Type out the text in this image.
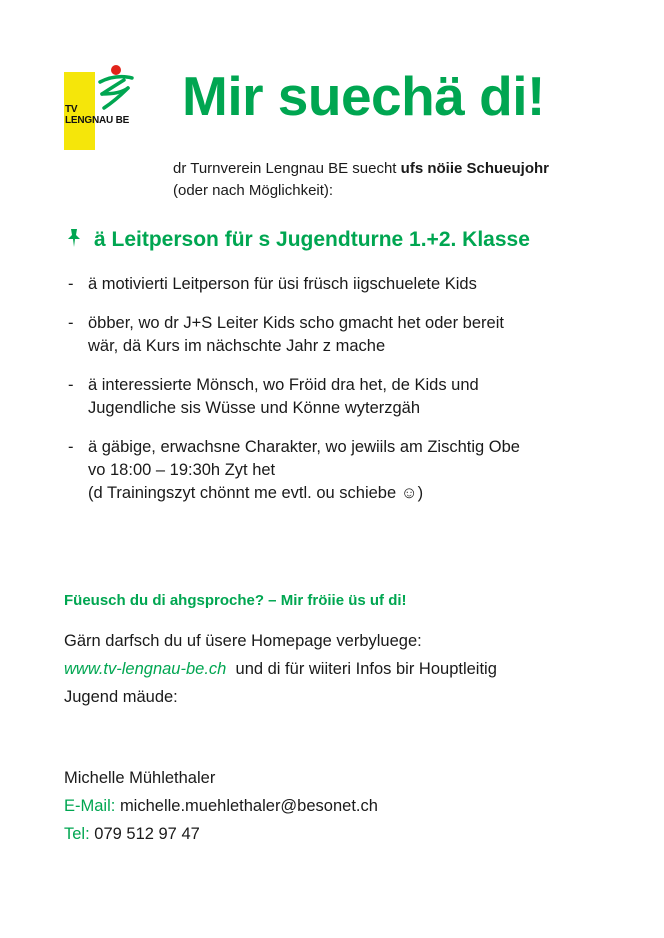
TV
LENGNAU BE Mir suechä di!
dr Turnverein Lengnau BE suecht ufs nöiie Schueujohr
(oder nach Möglichkeit):
ä Leitperson für s Jugendturne 1.+2. Klasse
- ä motivierti Leitperson für üsi früsch iigschuelete Kids
- öbber, wo dr J+S Leiter Kids scho gmacht het oder bereit
wär, dä Kurs im nächschte Jahr z mache
- ä interessierte Mönsch, wo Fröid dra het, de Kids und
Jugendliche sis Wüsse und Könne wyterzgäh
- ä gäbige, erwachsne Charakter, wo jewiils am Zischtig Obe
vo 18:00 – 19:30h Zyt het
(d Trainingszyt chönnt me evtl. ou schiebe ☺)
Füeusch du di ahgsproche? – Mir fröiie üs uf di!
Gärn darfsch du uf üsere Homepage verbyluege:
www.tv-lengnau-be.ch  und di für wiiteri Infos bir Houptleitig
Jugend mäude:
Michelle Mühlethaler
E-Mail: michelle.muehlethaler@besonet.ch
Tel: 079 512 97 47
